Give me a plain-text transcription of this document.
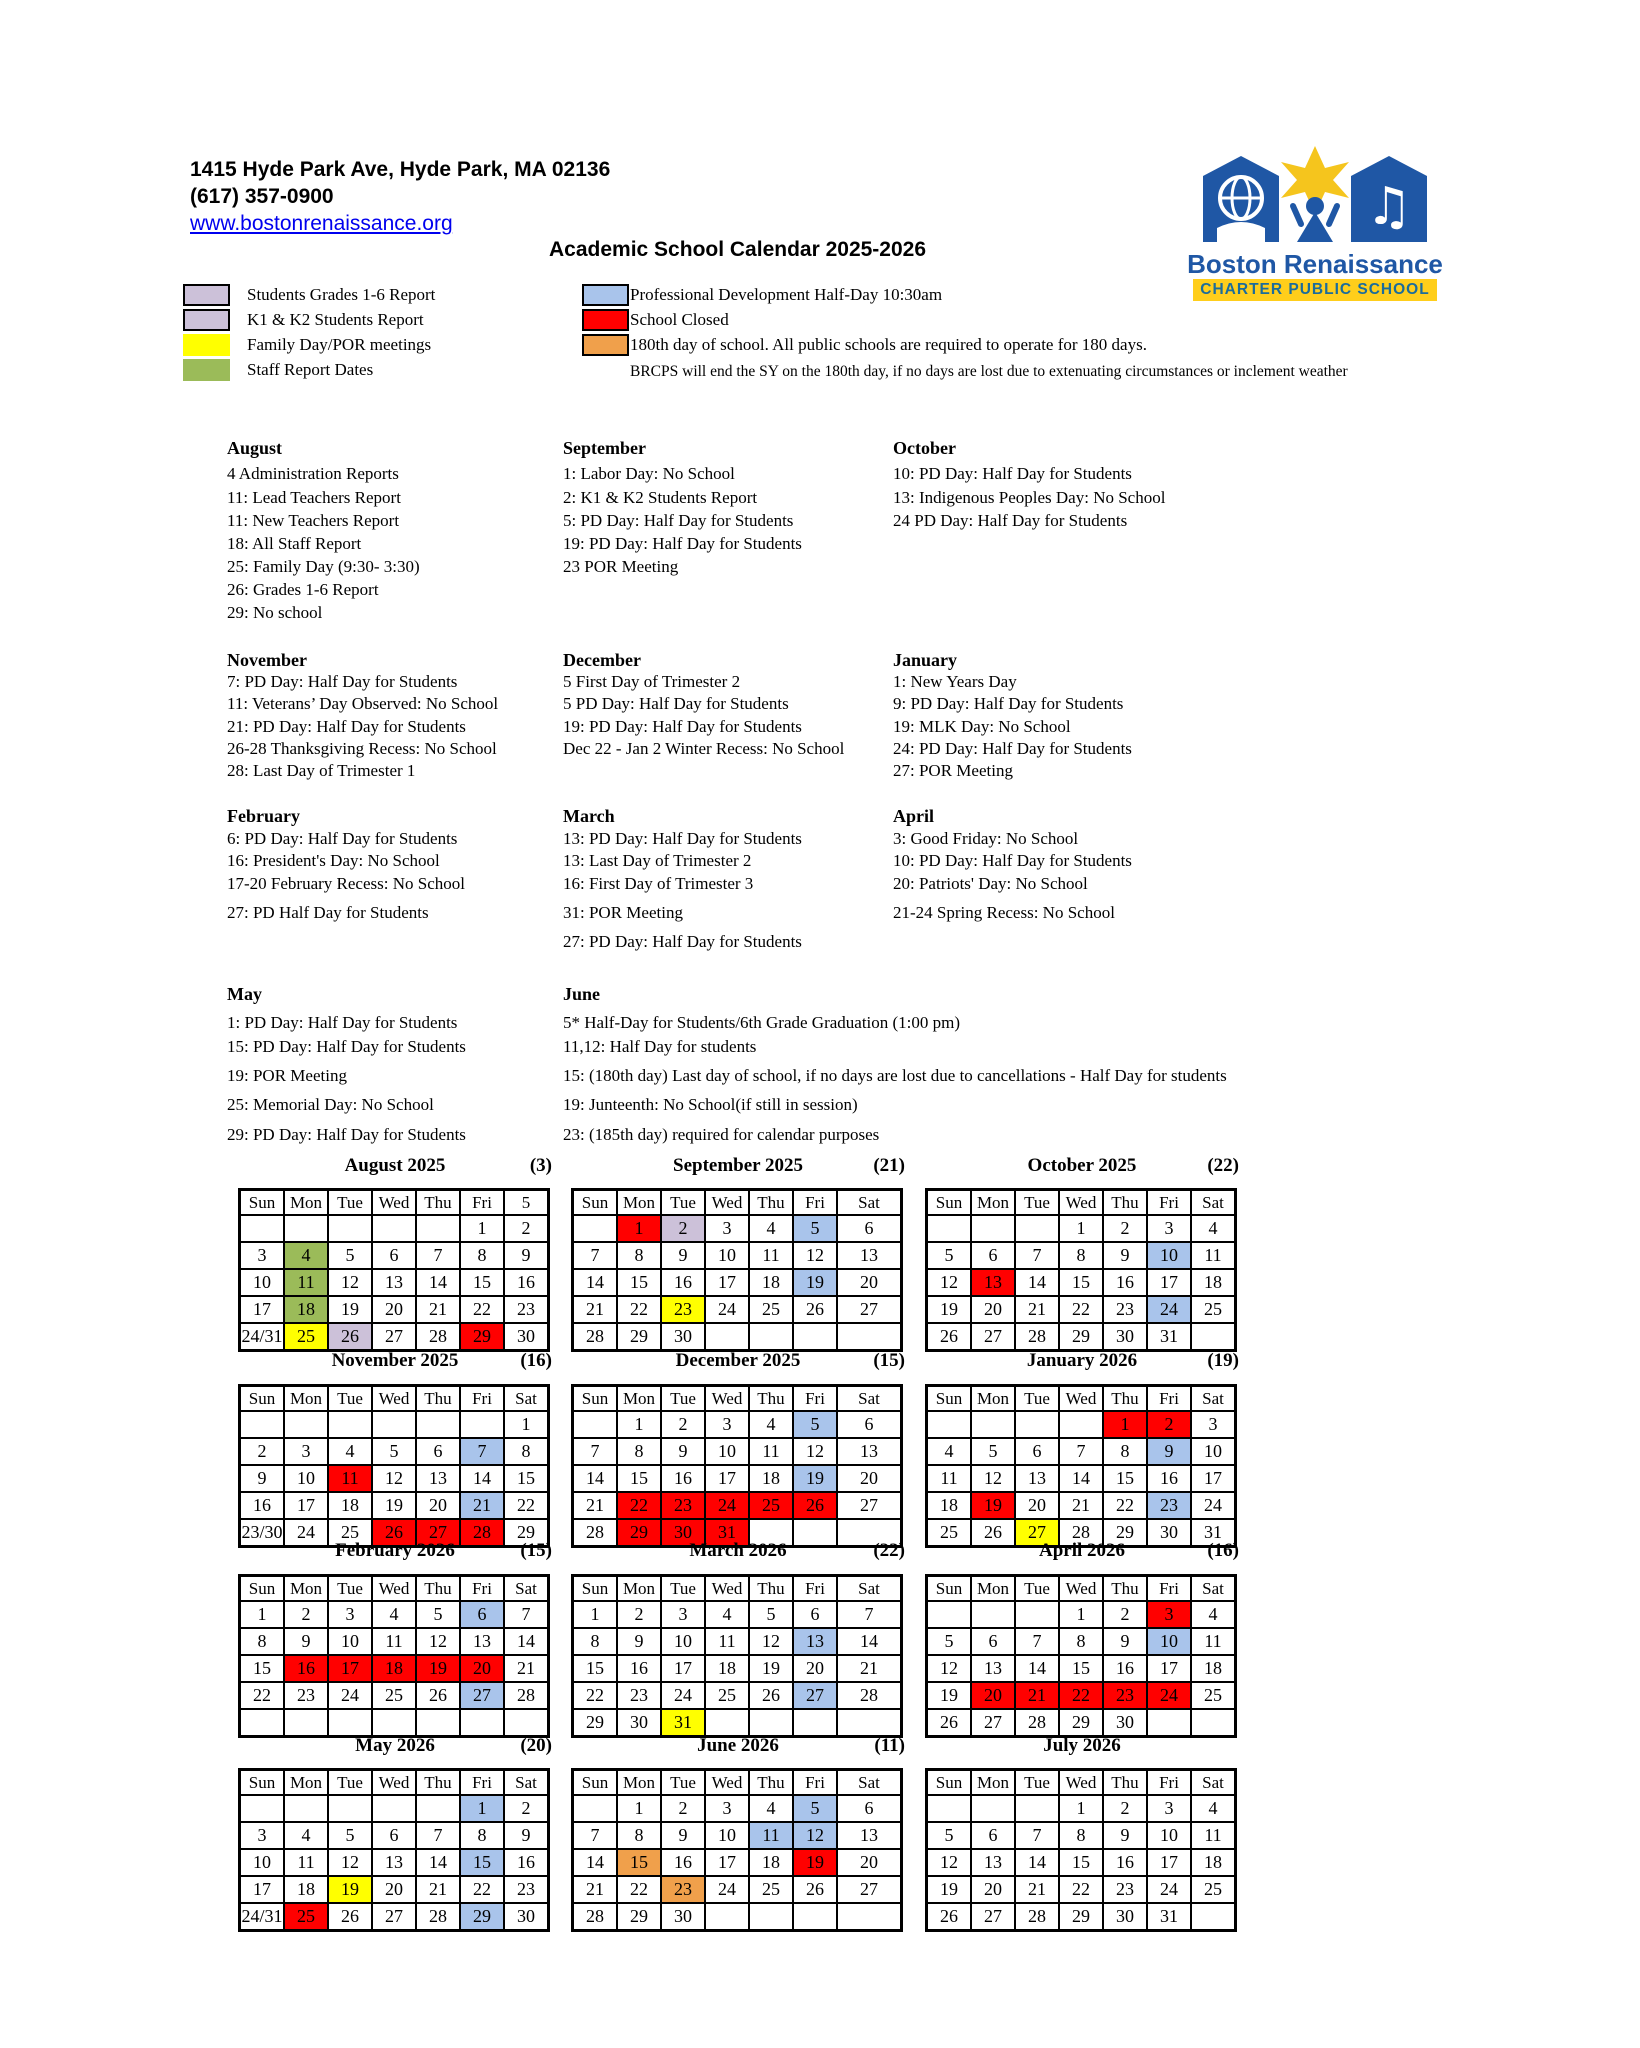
1415 Hyde Park Ave, Hyde Park, MA 02136
(617) 357-0900
www.bostonrenaissance.org
Academic School Calendar 2025-2026
♫
Boston Renaissance
CHARTER PUBLIC SCHOOL
Students Grades 1-6 Report
K1 & K2 Students Report
Family Day/POR meetings
Staff Report Dates
Professional Development Half-Day 10:30am
School Closed
180th day of school. All public schools are required to operate for 180 days.
BRCPS will end the SY on the 180th day, if no days are lost due to extenuating circumstances or inclement weather
August
4 Administration Reports
11: Lead Teachers Report
11: New Teachers Report
18: All Staff Report
25: Family Day (9:30- 3:30)
26: Grades 1-6 Report
29: No school
September
1: Labor Day: No School
2: K1 & K2 Students Report
5: PD Day: Half Day for Students
19: PD Day: Half Day for Students
23 POR Meeting
October
10: PD Day: Half Day for Students
13: Indigenous Peoples Day: No School
24 PD Day: Half Day for Students
November
7: PD Day: Half Day for Students
11: Veterans’ Day Observed: No School
21: PD Day: Half Day for Students
26-28 Thanksgiving Recess: No School
28: Last Day of Trimester 1
December
5 First Day of Trimester 2
5 PD Day: Half Day for Students
19: PD Day: Half Day for Students
Dec 22 - Jan 2 Winter Recess: No School
January
1: New Years Day
9: PD Day: Half Day for Students
19: MLK Day: No School
24: PD Day: Half Day for Students
27: POR Meeting
February
6: PD Day: Half Day for Students
16: President's Day: No School
17-20 February Recess: No School
27: PD Half Day for Students
March
13: PD Day: Half Day for Students
13: Last Day of Trimester 2
16: First Day of Trimester 3
31: POR Meeting
27: PD Day: Half Day for Students
April
3: Good Friday: No School
10: PD Day: Half Day for Students
20: Patriots' Day: No School
21-24 Spring Recess: No School
May
1: PD Day: Half Day for Students
15: PD Day: Half Day for Students
19: POR Meeting
25: Memorial Day: No School
29: PD Day: Half Day for Students
June
5* Half-Day for Students/6th Grade Graduation (1:00 pm)
11,12: Half Day for students
15: (180th day) Last day of school, if no days are lost due to cancellations - Half Day for students
19: Junteenth: No School(if still in session)
23: (185th day) required for calendar purposes
August 2025	(3)
Sun	Mon	Tue	Wed	Thu	Fri	5
					1	2
3	4	5	6	7	8	9
10	11	12	13	14	15	16
17	18	19	20	21	22	23
24/31	25	26	27	28	29	30
September 2025	(21)
Sun	Mon	Tue	Wed	Thu	Fri	Sat
	1	2	3	4	5	6
7	8	9	10	11	12	13
14	15	16	17	18	19	20
21	22	23	24	25	26	27
28	29	30				
October 2025	(22)
Sun	Mon	Tue	Wed	Thu	Fri	Sat
			1	2	3	4
5	6	7	8	9	10	11
12	13	14	15	16	17	18
19	20	21	22	23	24	25
26	27	28	29	30	31	
November 2025	(16)
Sun	Mon	Tue	Wed	Thu	Fri	Sat
						1
2	3	4	5	6	7	8
9	10	11	12	13	14	15
16	17	18	19	20	21	22
23/30	24	25	26	27	28	29
December 2025	(15)
Sun	Mon	Tue	Wed	Thu	Fri	Sat
	1	2	3	4	5	6
7	8	9	10	11	12	13
14	15	16	17	18	19	20
21	22	23	24	25	26	27
28	29	30	31			
January 2026	(19)
Sun	Mon	Tue	Wed	Thu	Fri	Sat
				1	2	3
4	5	6	7	8	9	10
11	12	13	14	15	16	17
18	19	20	21	22	23	24
25	26	27	28	29	30	31
February 2026	(15)
Sun	Mon	Tue	Wed	Thu	Fri	Sat
1	2	3	4	5	6	7
8	9	10	11	12	13	14
15	16	17	18	19	20	21
22	23	24	25	26	27	28

March 2026	(22)
Sun	Mon	Tue	Wed	Thu	Fri	Sat
1	2	3	4	5	6	7
8	9	10	11	12	13	14
15	16	17	18	19	20	21
22	23	24	25	26	27	28
29	30	31				
April 2026	(16)
Sun	Mon	Tue	Wed	Thu	Fri	Sat
			1	2	3	4
5	6	7	8	9	10	11
12	13	14	15	16	17	18
19	20	21	22	23	24	25
26	27	28	29	30		
May 2026	(20)
Sun	Mon	Tue	Wed	Thu	Fri	Sat
					1	2
3	4	5	6	7	8	9
10	11	12	13	14	15	16
17	18	19	20	21	22	23
24/31	25	26	27	28	29	30
June 2026	(11)
Sun	Mon	Tue	Wed	Thu	Fri	Sat
	1	2	3	4	5	6
7	8	9	10	11	12	13
14	15	16	17	18	19	20
21	22	23	24	25	26	27
28	29	30				
July 2026
Sun	Mon	Tue	Wed	Thu	Fri	Sat
			1	2	3	4
5	6	7	8	9	10	11
12	13	14	15	16	17	18
19	20	21	22	23	24	25
26	27	28	29	30	31	
